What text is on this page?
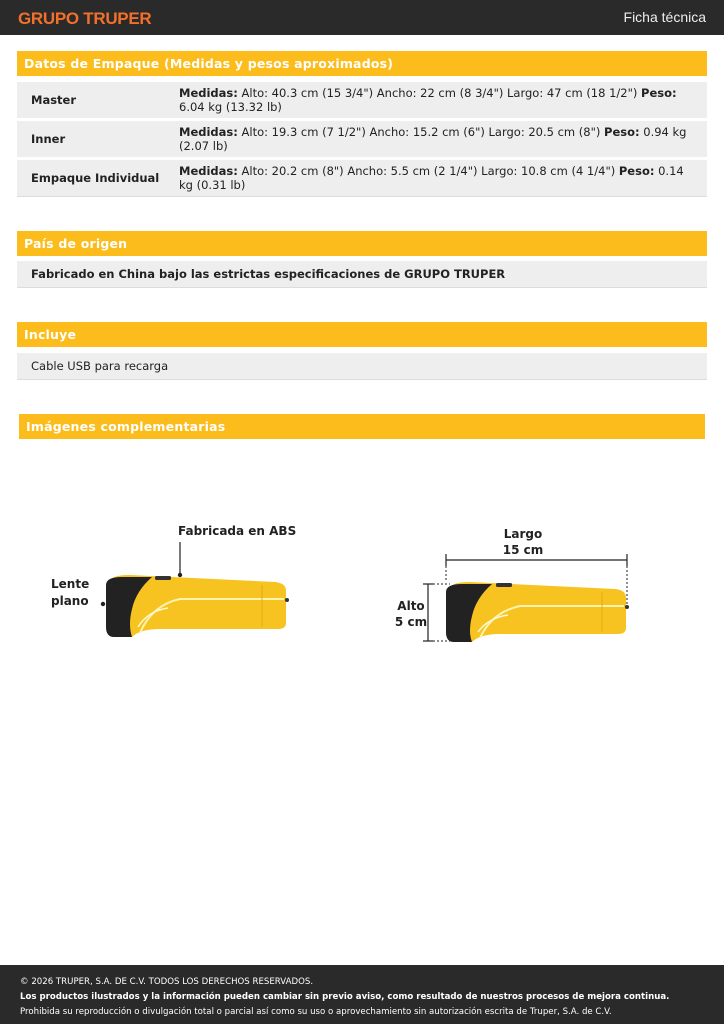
GRUPO TRUPER	Ficha técnica
Datos de Empaque (Medidas y pesos aproximados)
Master	Medidas: Alto: 40.3 cm (15 3/4") Ancho: 22 cm (8 3/4") Largo: 47 cm (18 1/2") Peso: 6.04 kg (13.32 lb)
Inner	Medidas: Alto: 19.3 cm (7 1/2") Ancho: 15.2 cm (6") Largo: 20.5 cm (8") Peso: 0.94 kg (2.07 lb)
Empaque Individual	Medidas: Alto: 20.2 cm (8") Ancho: 5.5 cm (2 1/4") Largo: 10.8 cm (4 1/4") Peso: 0.14 kg (0.31 lb)
País de origen
Fabricado en China bajo las estrictas especificaciones de GRUPO TRUPER
Incluye
Cable USB para recarga
Imágenes complementarias
Fabricada en ABS
Lente
plano
Largo
15 cm
Alto
5 cm
© 2026 TRUPER, S.A. DE C.V. TODOS LOS DERECHOS RESERVADOS.
Los productos ilustrados y la información pueden cambiar sin previo aviso, como resultado de nuestros procesos de mejora continua.
Prohibida su reproducción o divulgación total o parcial así como su uso o aprovechamiento sin autorización escrita de Truper, S.A. de C.V.
